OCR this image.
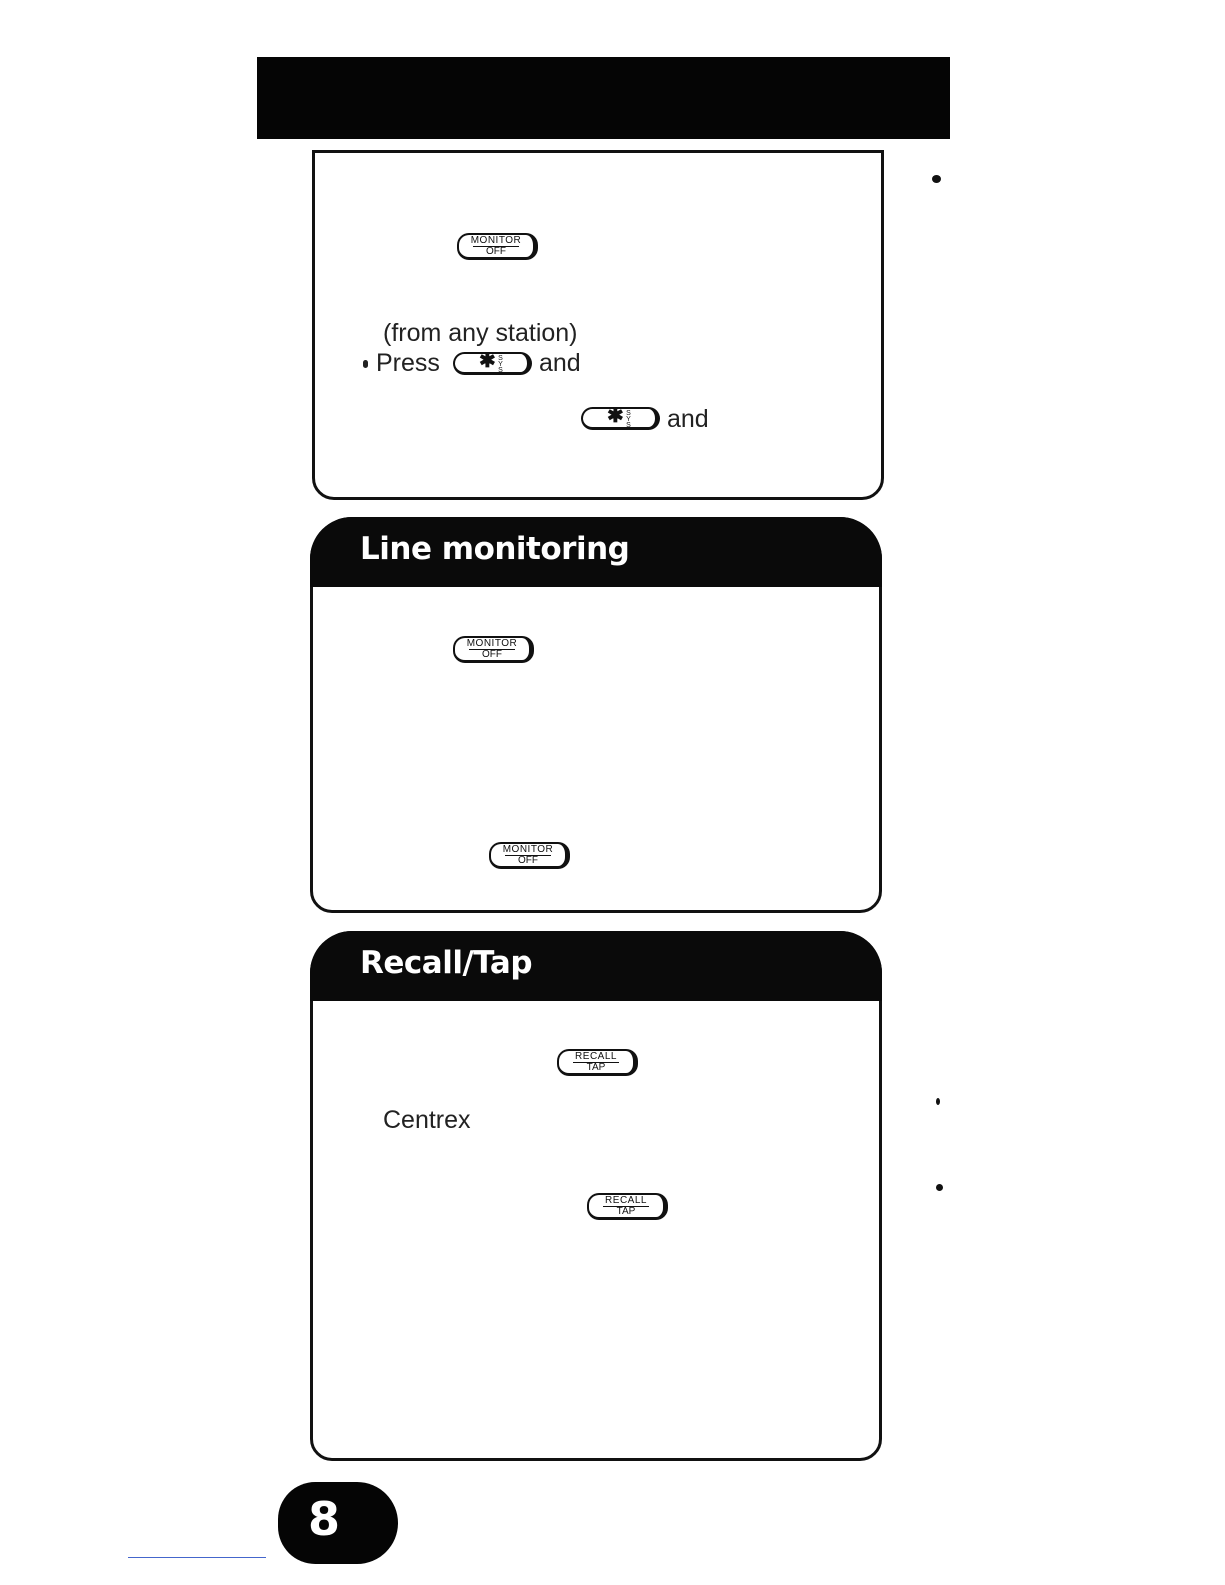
MONITOR
OFF
(from any station)
Press ✱ S Y S and
✱ S Y S and
Line monitoring
MONITOR
OFF
MONITOR
OFF
Recall/Tap
RECALL
TAP
Centrex
RECALL
TAP
8
